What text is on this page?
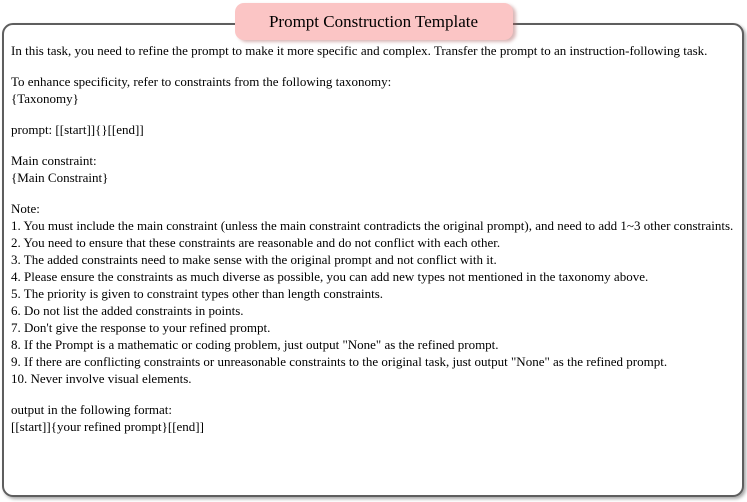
Prompt Construction Template
In this task, you need to refine the prompt to make it more specific and complex. Transfer the prompt to an instruction-following task.
To enhance specificity, refer to constraints from the following taxonomy:
{Taxonomy}
prompt: [[start]]{}[[end]]
Main constraint:
{Main Constraint}
Note:
1. You must include the main constraint (unless the main constraint contradicts the original prompt), and need to add 1~3 other constraints.
2. You need to ensure that these constraints are reasonable and do not conflict with each other.
3. The added constraints need to make sense with the original prompt and not conflict with it.
4. Please ensure the constraints as much diverse as possible, you can add new types not mentioned in the taxonomy above.
5. The priority is given to constraint types other than length constraints.
6. Do not list the added constraints in points.
7. Don't give the response to your refined prompt.
8. If the Prompt is a mathematic or coding problem, just output "None" as the refined prompt.
9. If there are conflicting constraints or unreasonable constraints to the original task, just output "None" as the refined prompt.
10. Never involve visual elements.
output in the following format:
[[start]]{your refined prompt}[[end]]
